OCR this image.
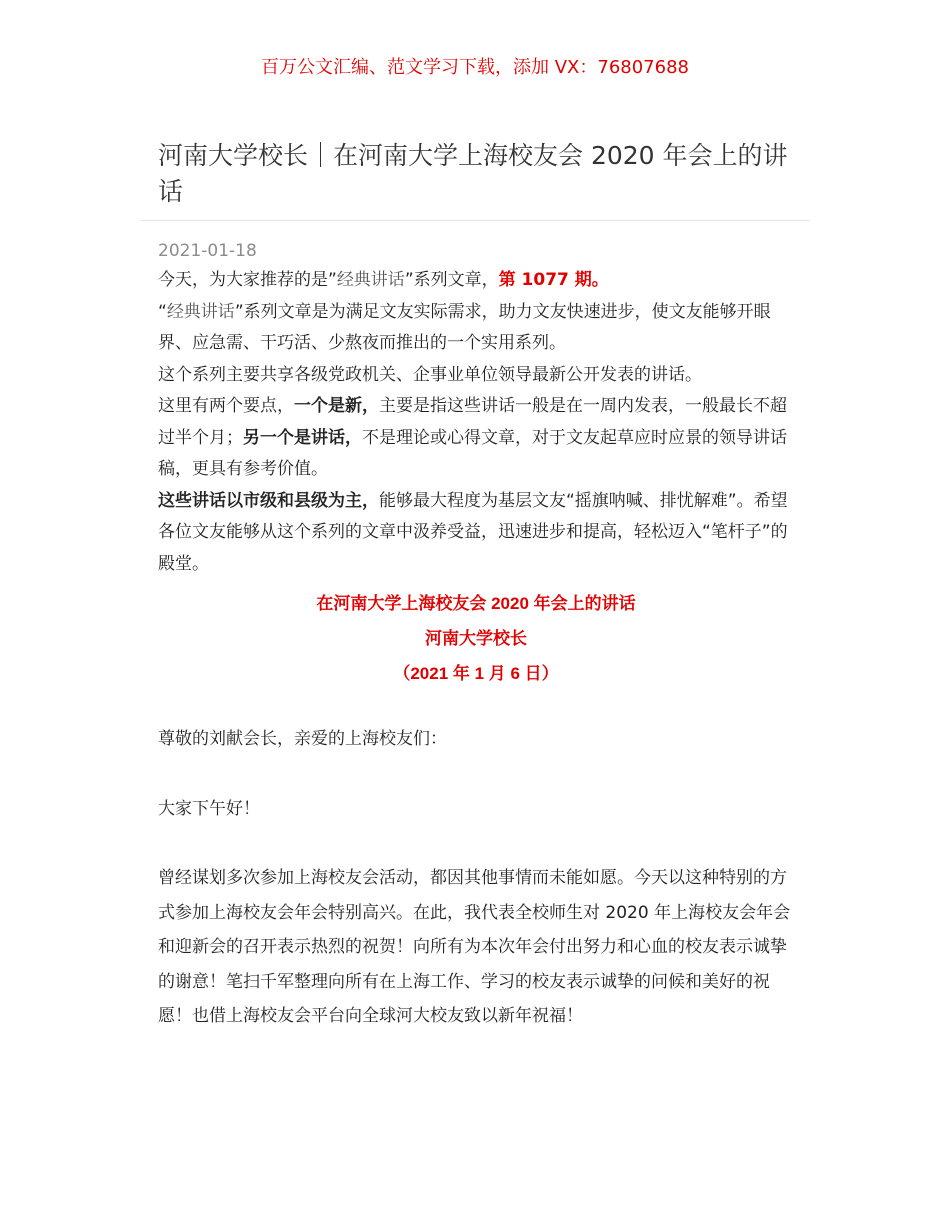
百万公文汇编、范文学习下载，添加 VX：76807688
河南大学校长｜在河南大学上海校友会 2020 年会上的讲话
2021-01-18

今天，为大家推荐的是”经典讲话”系列文章，第 1077 期。

“经典讲话”系列文章是为满足文友实际需求，助力文友快速进步，使文友能够开眼界、应急需、干巧活、少熬夜而推出的一个实用系列。

这个系列主要共享各级党政机关、企事业单位领导最新公开发表的讲话。

这里有两个要点，一个是新，主要是指这些讲话一般是在一周内发表，一般最长不超过半个月；另一个是讲话，不是理论或心得文章，对于文友起草应时应景的领导讲话稿，更具有参考价值。

这些讲话以市级和县级为主，能够最大程度为基层文友“摇旗呐喊、排忧解难”。希望各位文友能够从这个系列的文章中汲养受益，迅速进步和提高，轻松迈入“笔杆子”的殿堂。

在河南大学上海校友会 2020 年会上的讲话
河南大学校长
（2021 年 1 月 6 日）

尊敬的刘献会长，亲爱的上海校友们：

大家下午好！

曾经谋划多次参加上海校友会活动，都因其他事情而未能如愿。今天以这种特别的方式参加上海校友会年会特别高兴。在此，我代表全校师生对 2020 年上海校友会年会和迎新会的召开表示热烈的祝贺！向所有为本次年会付出努力和心血的校友表示诚挚的谢意！笔扫千军整理向所有在上海工作、学习的校友表示诚挚的问候和美好的祝愿！也借上海校友会平台向全球河大校友致以新年祝福！
